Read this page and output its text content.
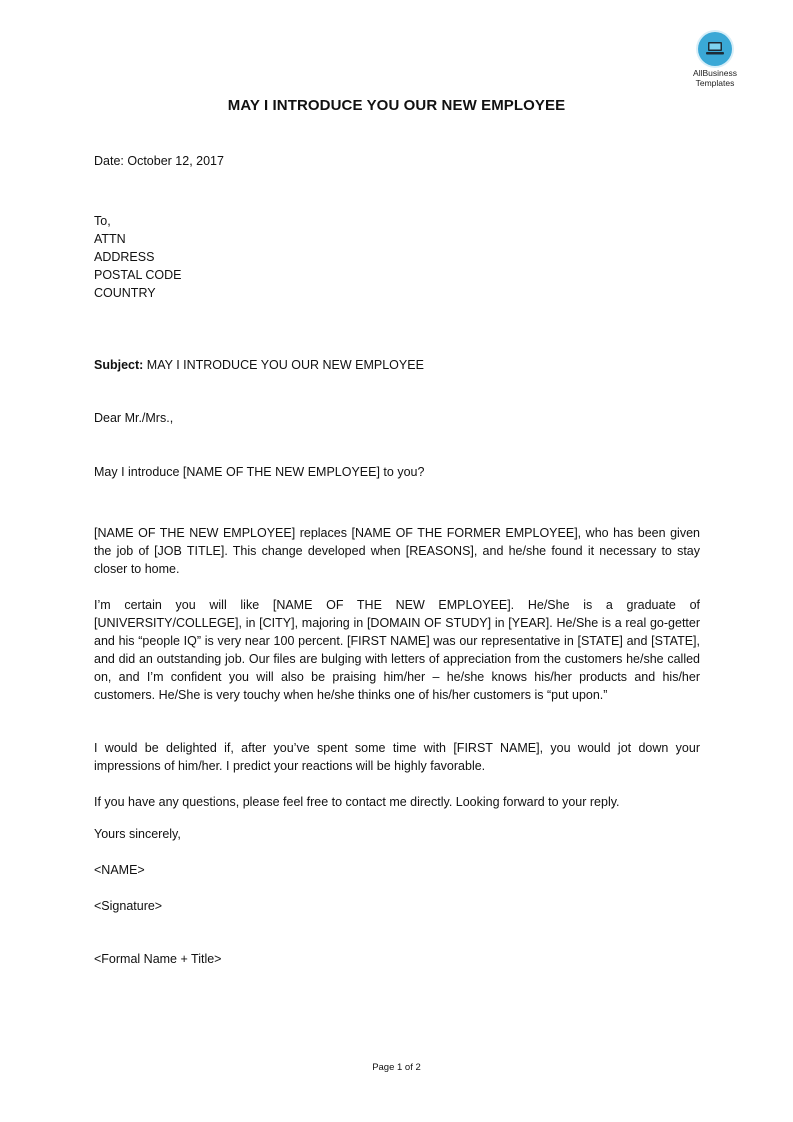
AllBusiness
Templates
MAY I INTRODUCE YOU OUR NEW EMPLOYEE
Date: October 12, 2017
To,
ATTN
ADDRESS
POSTAL CODE
COUNTRY
Subject: MAY I INTRODUCE YOU OUR NEW EMPLOYEE
Dear Mr./Mrs.,
May I introduce [NAME OF THE NEW EMPLOYEE] to you?
[NAME OF THE NEW EMPLOYEE] replaces [NAME OF THE FORMER EMPLOYEE], who has been given the job of [JOB TITLE]. This change developed when [REASONS], and he/she found it necessary to stay closer to home.
I’m certain you will like [NAME OF THE NEW EMPLOYEE]. He/She is a graduate of [UNIVERSITY/COLLEGE], in [CITY], majoring in [DOMAIN OF STUDY] in [YEAR]. He/She is a real go-getter and his “people IQ” is very near 100 percent. [FIRST NAME] was our representative in [STATE] and [STATE], and did an outstanding job. Our files are bulging with letters of appreciation from the customers he/she called on, and I’m confident you will also be praising him/her – he/she knows his/her products and his/her customers. He/She is very touchy when he/she thinks one of his/her customers is “put upon.”
I would be delighted if, after you’ve spent some time with [FIRST NAME], you would jot down your impressions of him/her. I predict your reactions will be highly favorable.
If you have any questions, please feel free to contact me directly. Looking forward to your reply.
Yours sincerely,
<NAME>
<Signature>
<Formal Name + Title>
Page 1 of 2
